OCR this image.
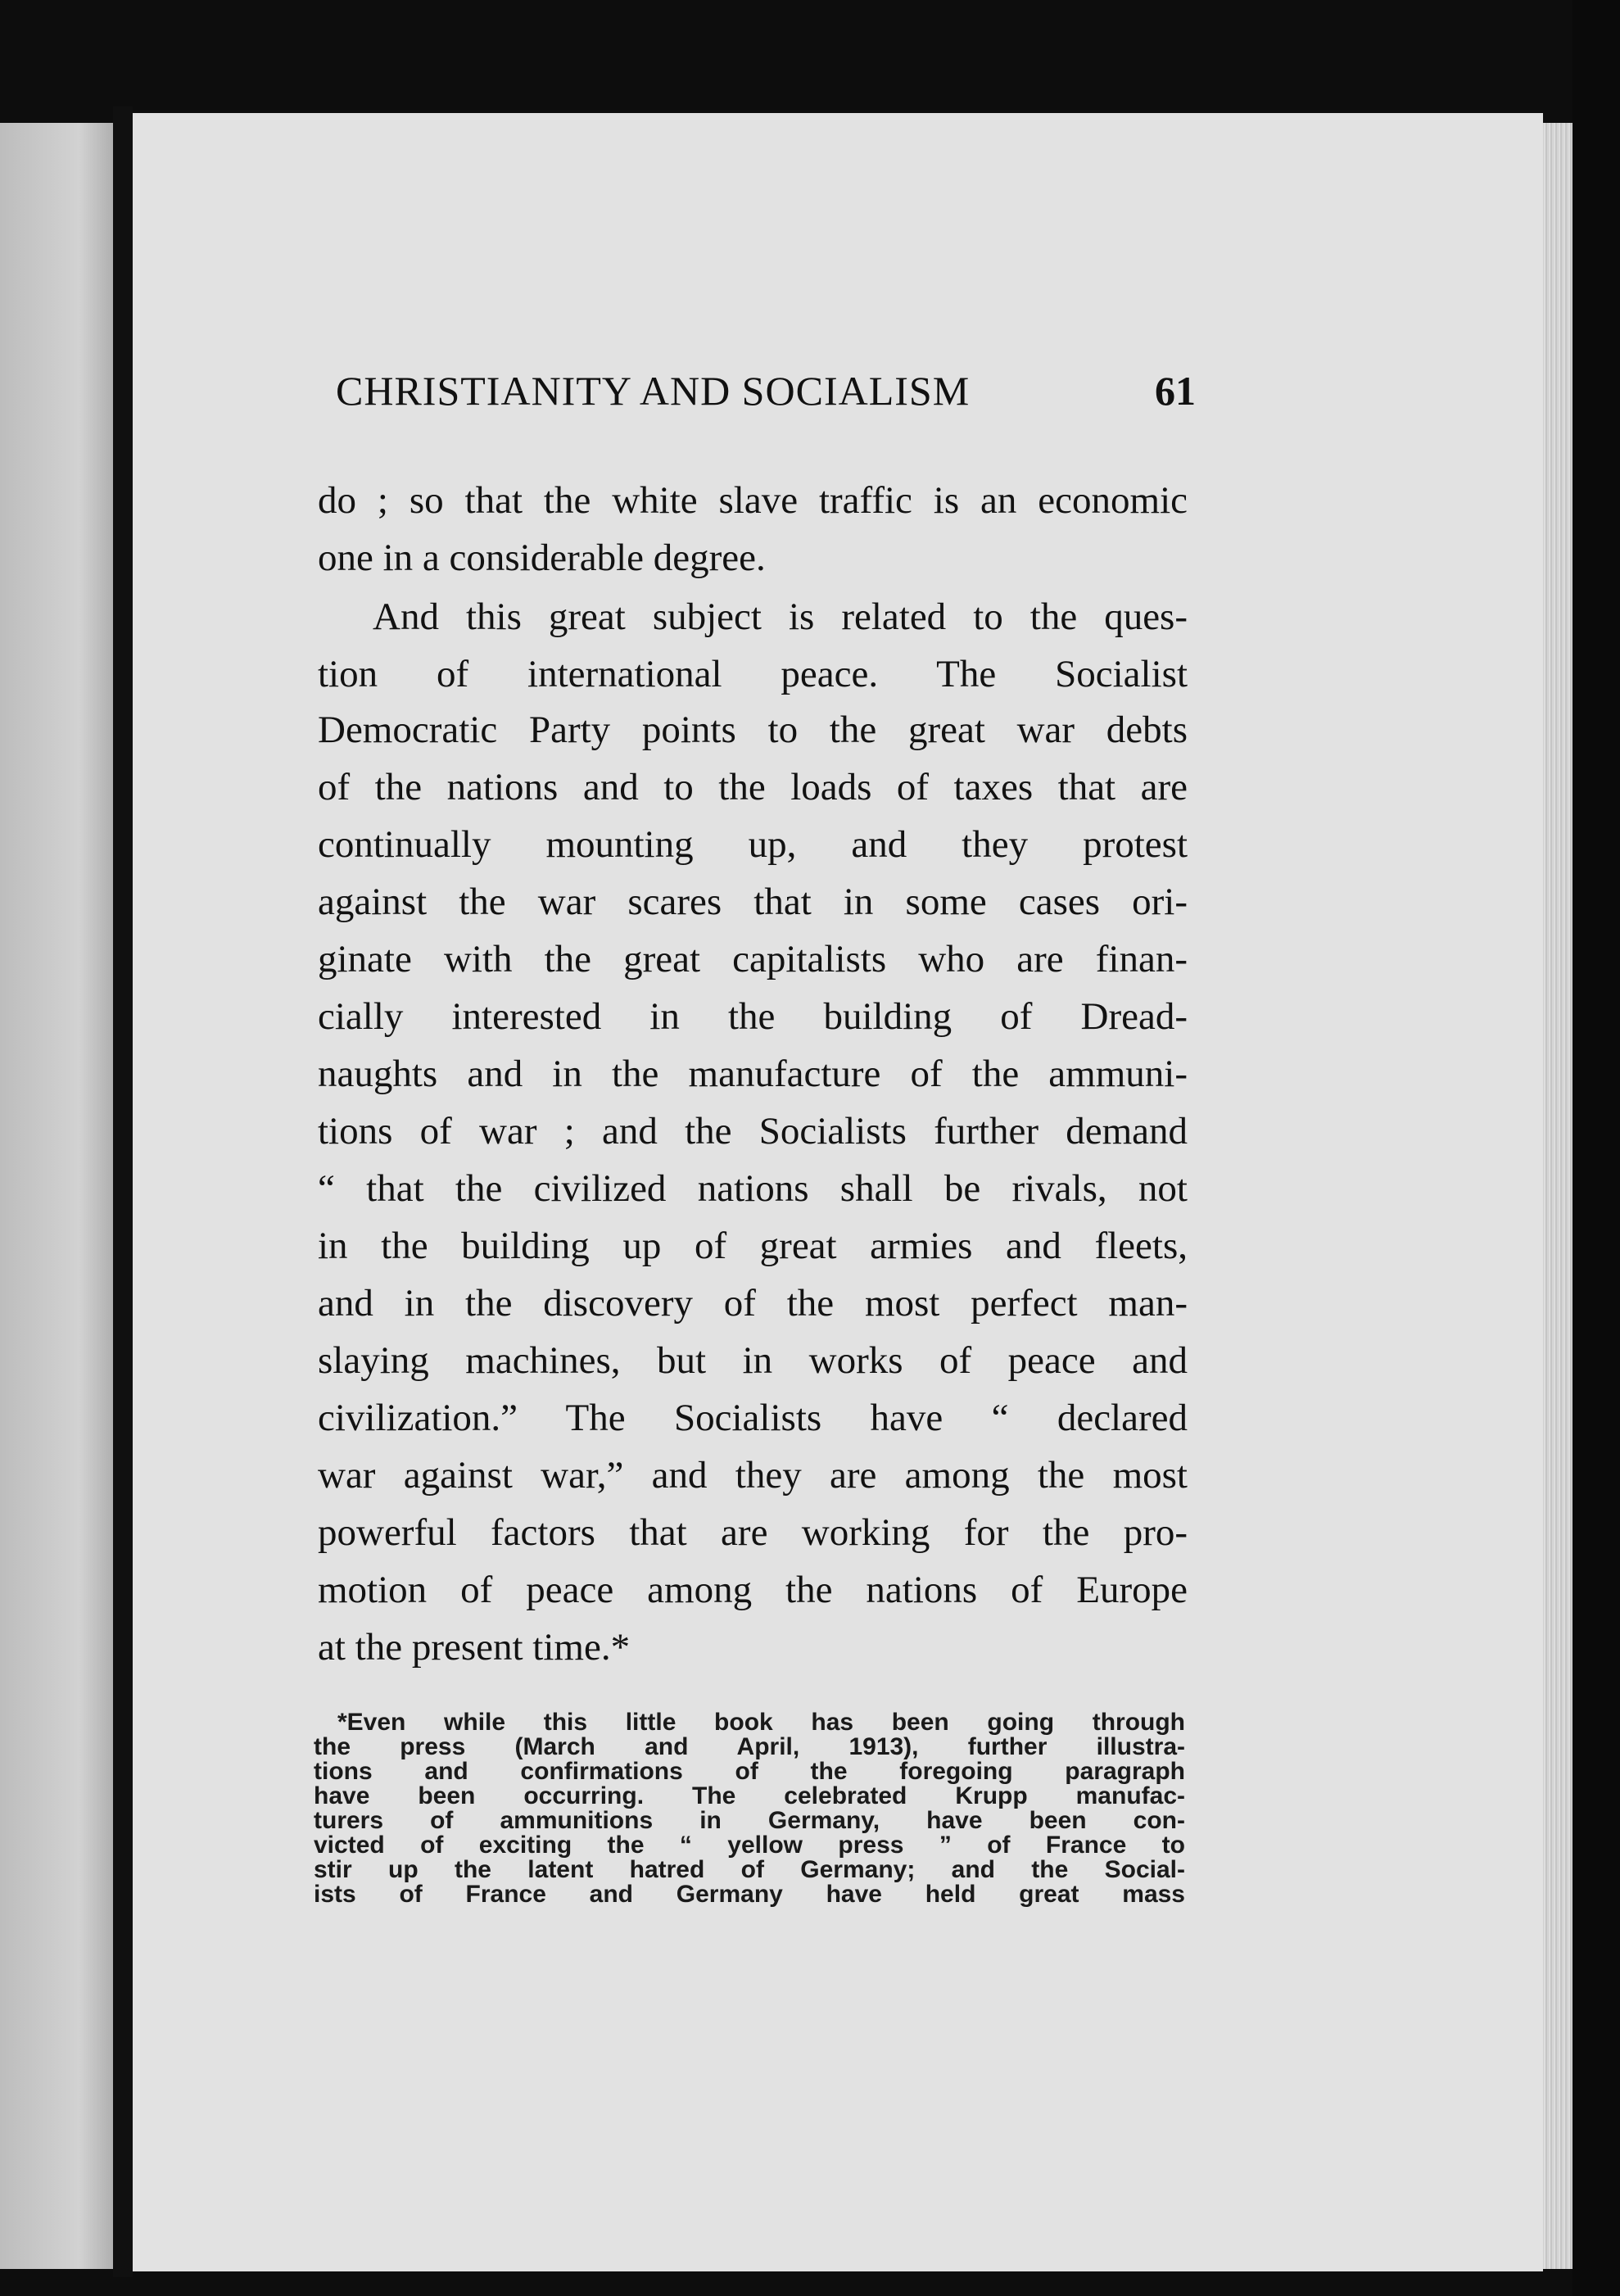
CHRISTIANITY AND SOCIALISM	61
do ; so that the white slave traffic is an economic
one in a considerable degree.
And this great subject is related to the ques-
tion of international peace. The Socialist
Democratic Party points to the great war debts
of the nations and to the loads of taxes that are
continually mounting up, and they protest
against the war scares that in some cases ori-
ginate with the great capitalists who are finan-
cially interested in the building of Dread-
naughts and in the manufacture of the ammuni-
tions of war ; and the Socialists further demand
“ that the civilized nations shall be rivals, not
in the building up of great armies and fleets,
and in the discovery of the most perfect man-
slaying machines, but in works of peace and
civilization.” The Socialists have “ declared
war against war,” and they are among the most
powerful factors that are working for the pro-
motion of peace among the nations of Europe
at the present time.*
*Even while this little book has been going through
the press (March and April, 1913), further illustra-
tions and confirmations of the foregoing paragraph
have been occurring. The celebrated Krupp manufac-
turers of ammunitions in Germany, have been con-
victed of exciting the “ yellow press ” of France to
stir up the latent hatred of Germany; and the Social-
ists of France and Germany have held great mass
